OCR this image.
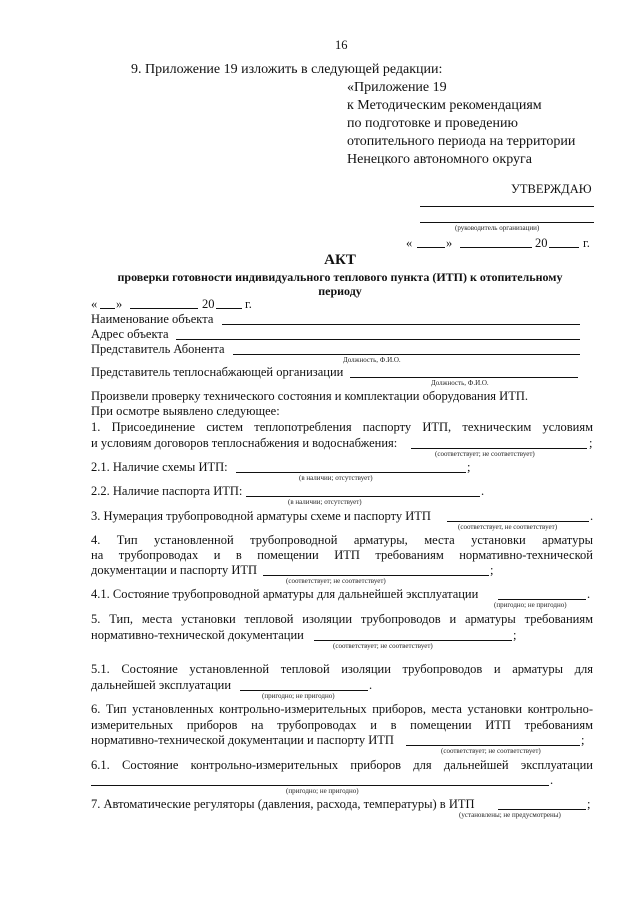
16
9. Приложение 19 изложить в следующей редакции:
«Приложение 19
к Методическим рекомендациям
по подготовке и проведению
отопительного периода на территории
Ненецкого автономного округа
УТВЕРЖДАЮ
(руководитель организации)
«	»	20	г.
АКТ
проверки готовности индивидуального теплового пункта (ИТП) к отопительному
периоду
« »	20 г.
Наименование объекта
Адрес объекта
Представитель Абонента
Должность, Ф.И.О.
Представитель теплоснабжающей организации
Должность, Ф.И.О.
Произвели проверку технического состояния и комплектации оборудования ИТП.
При осмотре выявлено следующее:
1. Присоединение систем теплопотребления паспорту ИТП, техническим условиям
и условиям договоров теплоснабжения и водоснабжения:	;
(соответствует; не соответствует)
2.1. Наличие схемы ИТП:	;
(в наличии; отсутствует)
2.2. Наличие паспорта ИТП:	.
(в наличии; отсутствует)
3. Нумерация трубопроводной арматуры схеме и паспорту ИТП	.
(соответствует, не соответствует)
4. Тип установленной трубопроводной арматуры, места установки арматуры
на трубопроводах и в помещении ИТП требованиям нормативно-технической
документации и паспорту ИТП	;
(соответствует; не соответствует)
4.1. Состояние трубопроводной арматуры для дальнейшей эксплуатации	.
(пригодно; не пригодно)
5. Тип, места установки тепловой изоляции трубопроводов и арматуры требованиям
нормативно-технической документации	;
(соответствует; не соответствует)
5.1. Состояние установленной тепловой изоляции трубопроводов и арматуры для
дальнейшей эксплуатации	.
(пригодно; не пригодно)
6. Тип установленных контрольно-измерительных приборов, места установки контрольно-
измерительных приборов на трубопроводах и в помещении ИТП требованиям
нормативно-технической документации и паспорту ИТП	;
(соответствует; не соответствует)
6.1. Состояние контрольно-измерительных приборов для дальнейшей эксплуатации
.
(пригодно; не пригодно)
7. Автоматические регуляторы (давления, расхода, температуры) в ИТП	;
(установлены; не предусмотрены)
